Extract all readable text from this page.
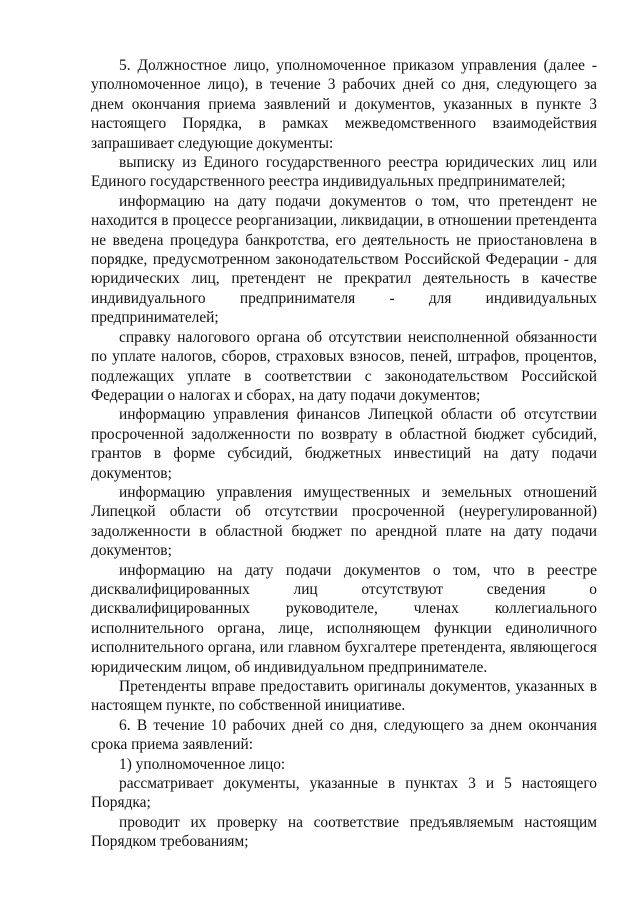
5. Должностное лицо, уполномоченное приказом управления (далее - уполномоченное лицо), в течение 3 рабочих дней со дня, следующего за днем окончания приема заявлений и документов, указанных в пункте 3 настоящего Порядка, в рамках межведомственного взаимодействия запрашивает следующие документы:

выписку из Единого государственного реестра юридических лиц или Единого государственного реестра индивидуальных предпринимателей;

информацию на дату подачи документов о том, что претендент не находится в процессе реорганизации, ликвидации, в отношении претендента не введена процедура банкротства, его деятельность не приостановлена в порядке, предусмотренном законодательством Российской Федерации - для юридических лиц, претендент не прекратил деятельность в качестве индивидуального предпринимателя - для индивидуальных предпринимателей;

справку налогового органа об отсутствии неисполненной обязанности по уплате налогов, сборов, страховых взносов, пеней, штрафов, процентов, подлежащих уплате в соответствии с законодательством Российской Федерации о налогах и сборах, на дату подачи документов;

информацию управления финансов Липецкой области об отсутствии просроченной задолженности по возврату в областной бюджет субсидий, грантов в форме субсидий, бюджетных инвестиций на дату подачи документов;

информацию управления имущественных и земельных отношений Липецкой области об отсутствии просроченной (неурегулированной) задолженности в областной бюджет по арендной плате на дату подачи документов;

информацию на дату подачи документов о том, что в реестре дисквалифицированных лиц отсутствуют сведения о дисквалифицированных руководителе, членах коллегиального исполнительного органа, лице, исполняющем функции единоличного исполнительного органа, или главном бухгалтере претендента, являющегося юридическим лицом, об индивидуальном предпринимателе.

Претенденты вправе предоставить оригиналы документов, указанных в настоящем пункте, по собственной инициативе.

6. В течение 10 рабочих дней со дня, следующего за днем окончания срока приема заявлений:

1) уполномоченное лицо:

рассматривает документы, указанные в пунктах 3 и 5 настоящего Порядка;

проводит их проверку на соответствие предъявляемым настоящим Порядком требованиям;
